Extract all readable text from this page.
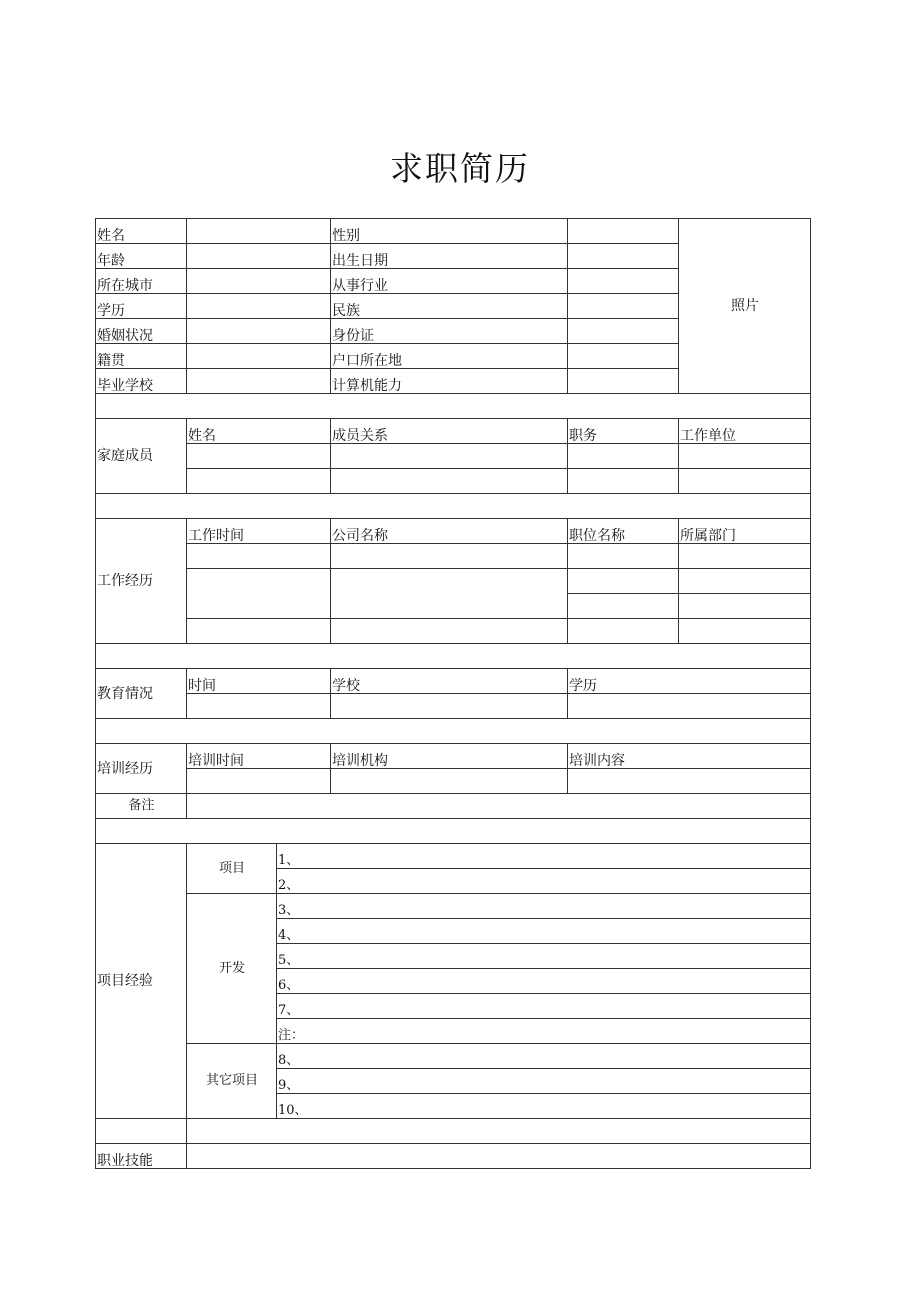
求职简历
姓名			性别		照片
年龄			出生日期		
所在城市			从事行业		
学历			民族		
婚姻状况			身份证		
籍贯			户口所在地		
毕业学校			计算机能力		

家庭成员	姓名		成员关系	职务	工作单位

工作经历	工作时间		公司名称	职位名称	所属部门

教育情况	时间		学校	学历	

培训经历	培训时间		培训机构	培训内容	

备注					

项目经验	项目	1、			
		2、			
	开发	3、			
		4、			
		5、			
		6、			
		7、			
		注：			
	其它项目	8、			
		9、			
		10、			

职业技能					
